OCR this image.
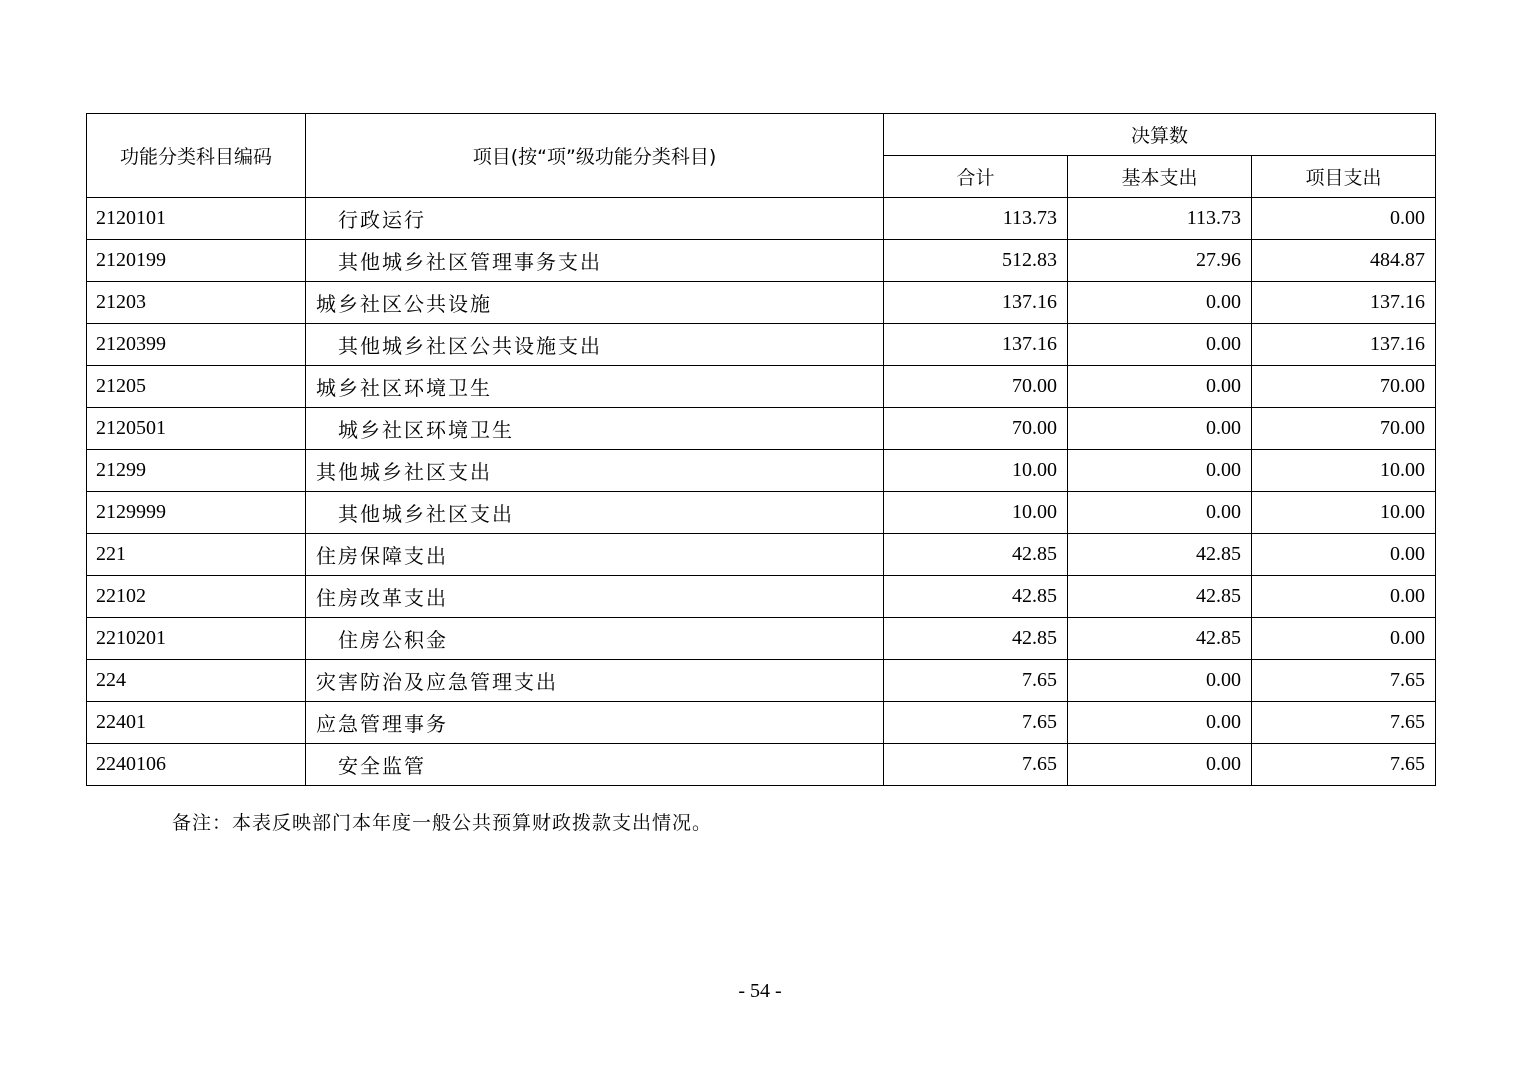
功能分类科目编码	项目(按“项”级功能分类科目)	决算数		
		合计	基本支出	项目支出
2120101	行政运行	113.73	113.73	0.00
2120199	其他城乡社区管理事务支出	512.83	27.96	484.87
21203	城乡社区公共设施	137.16	0.00	137.16
2120399	其他城乡社区公共设施支出	137.16	0.00	137.16
21205	城乡社区环境卫生	70.00	0.00	70.00
2120501	城乡社区环境卫生	70.00	0.00	70.00
21299	其他城乡社区支出	10.00	0.00	10.00
2129999	其他城乡社区支出	10.00	0.00	10.00
221	住房保障支出	42.85	42.85	0.00
22102	住房改革支出	42.85	42.85	0.00
2210201	住房公积金	42.85	42.85	0.00
224	灾害防治及应急管理支出	7.65	0.00	7.65
22401	应急管理事务	7.65	0.00	7.65
2240106	安全监管	7.65	0.00	7.65
备注：本表反映部门本年度一般公共预算财政拨款支出情况。
- 54 -
